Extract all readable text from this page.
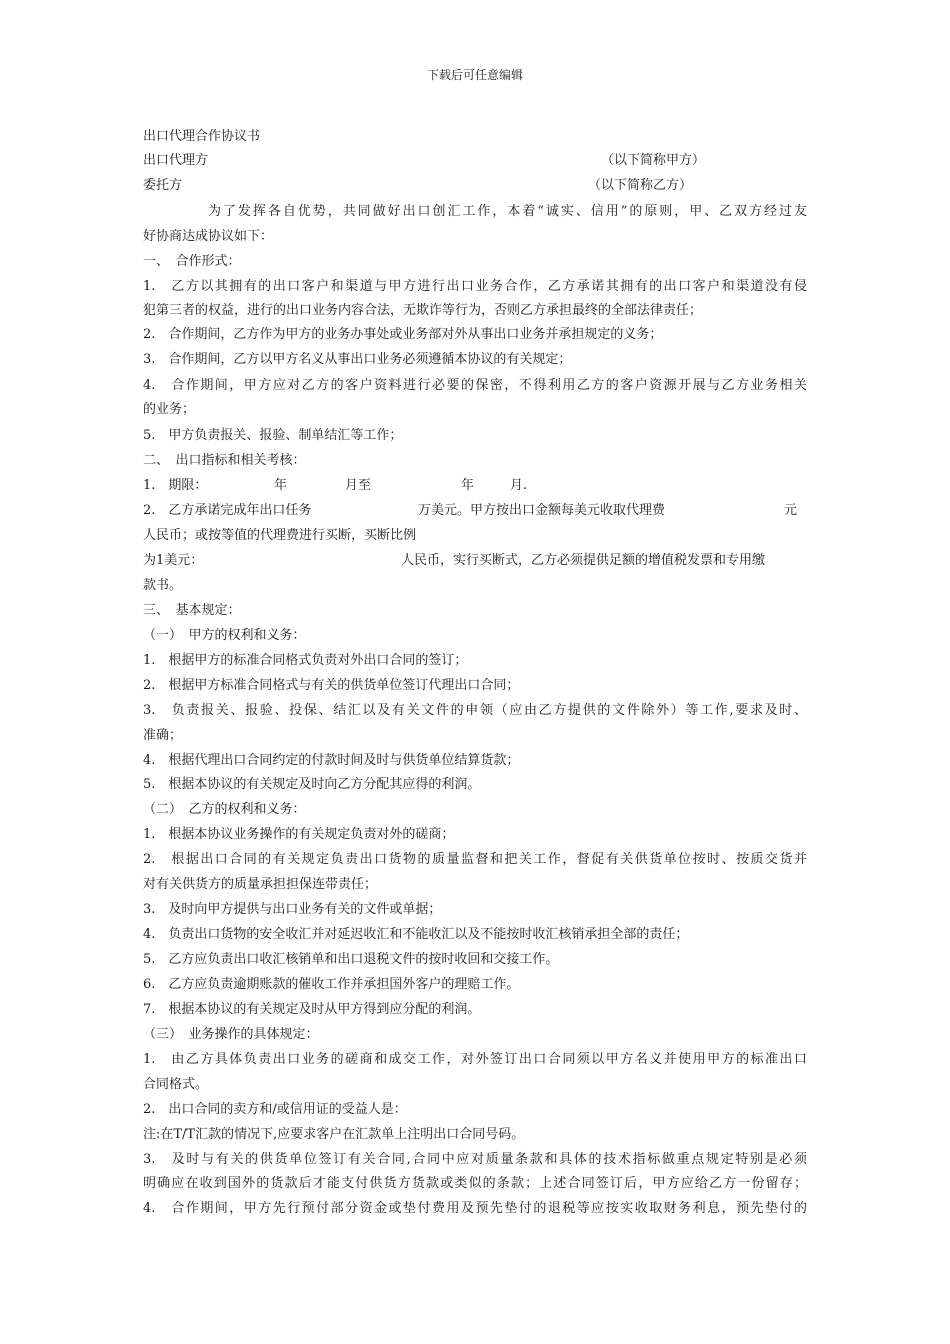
下载后可任意编辑
出口代理合作协议书
出口代理方	（以下简称甲方）
委托方	（以下简称乙方）
为了发挥各自优势，共同做好出口创汇工作，本着“诚实、信用”的原则，甲、乙双方经过友
好协商达成协议如下：
一、　合作形式：
1.　乙方以其拥有的出口客户和渠道与甲方进行出口业务合作，乙方承诺其拥有的出口客户和渠道没有侵
犯第三者的权益，进行的出口业务内容合法，无欺诈等行为，否则乙方承担最终的全部法律责任；
2.　合作期间，乙方作为甲方的业务办事处或业务部对外从事出口业务并承担规定的义务；
3.　合作期间，乙方以甲方名义从事出口业务必须遵循本协议的有关规定；
4.　合作期间，甲方应对乙方的客户资料进行必要的保密，不得利用乙方的客户资源开展与乙方业务相关
的业务；
5.　甲方负责报关、报验、制单结汇等工作；
二、　出口指标和相关考核：
1.　期限：	年	月至	年	月.
2.　乙方承诺完成年出口任务	万美元。甲方按出口金额每美元收取代理费	元
人民币；或按等值的代理费进行买断，买断比例
为1美元：	人民币，实行买断式，乙方必须提供足额的增值税发票和专用缴
款书。
三、　基本规定：
（一）　甲方的权利和义务：
1.　根据甲方的标准合同格式负责对外出口合同的签订；
2.　根据甲方标准合同格式与有关的供货单位签订代理出口合同；
3.　负责报关、报验、投保、结汇以及有关文件的申领（应由乙方提供的文件除外）等工作,要求及时、
准确；
4.　根据代理出口合同约定的付款时间及时与供货单位结算货款；
5.　根据本协议的有关规定及时向乙方分配其应得的利润。
（二）　乙方的权利和义务：
1.　根据本协议业务操作的有关规定负责对外的磋商；
2.　根据出口合同的有关规定负责出口货物的质量监督和把关工作，督促有关供货单位按时、按质交货并
对有关供货方的质量承担担保连带责任；
3.　及时向甲方提供与出口业务有关的文件或单据；
4.　负责出口货物的安全收汇并对延迟收汇和不能收汇以及不能按时收汇核销承担全部的责任；
5.　乙方应负责出口收汇核销单和出口退税文件的按时收回和交接工作。
6.　乙方应负责逾期账款的催收工作并承担国外客户的理赔工作。
7.　根据本协议的有关规定及时从甲方得到应分配的利润。
（三）　业务操作的具体规定：
1.　由乙方具体负责出口业务的磋商和成交工作，对外签订出口合同须以甲方名义并使用甲方的标准出口
合同格式。
2.　出口合同的卖方和/或信用证的受益人是：
注:在T/T汇款的情况下,应要求客户在汇款单上注明出口合同号码。
3.　及时与有关的供货单位签订有关合同,合同中应对质量条款和具体的技术指标做重点规定特别是必须
明确应在收到国外的货款后才能支付供货方货款或类似的条款；上述合同签订后，甲方应给乙方一份留存；
4.　合作期间，甲方先行预付部分资金或垫付费用及预先垫付的退税等应按实收取财务利息，预先垫付的
